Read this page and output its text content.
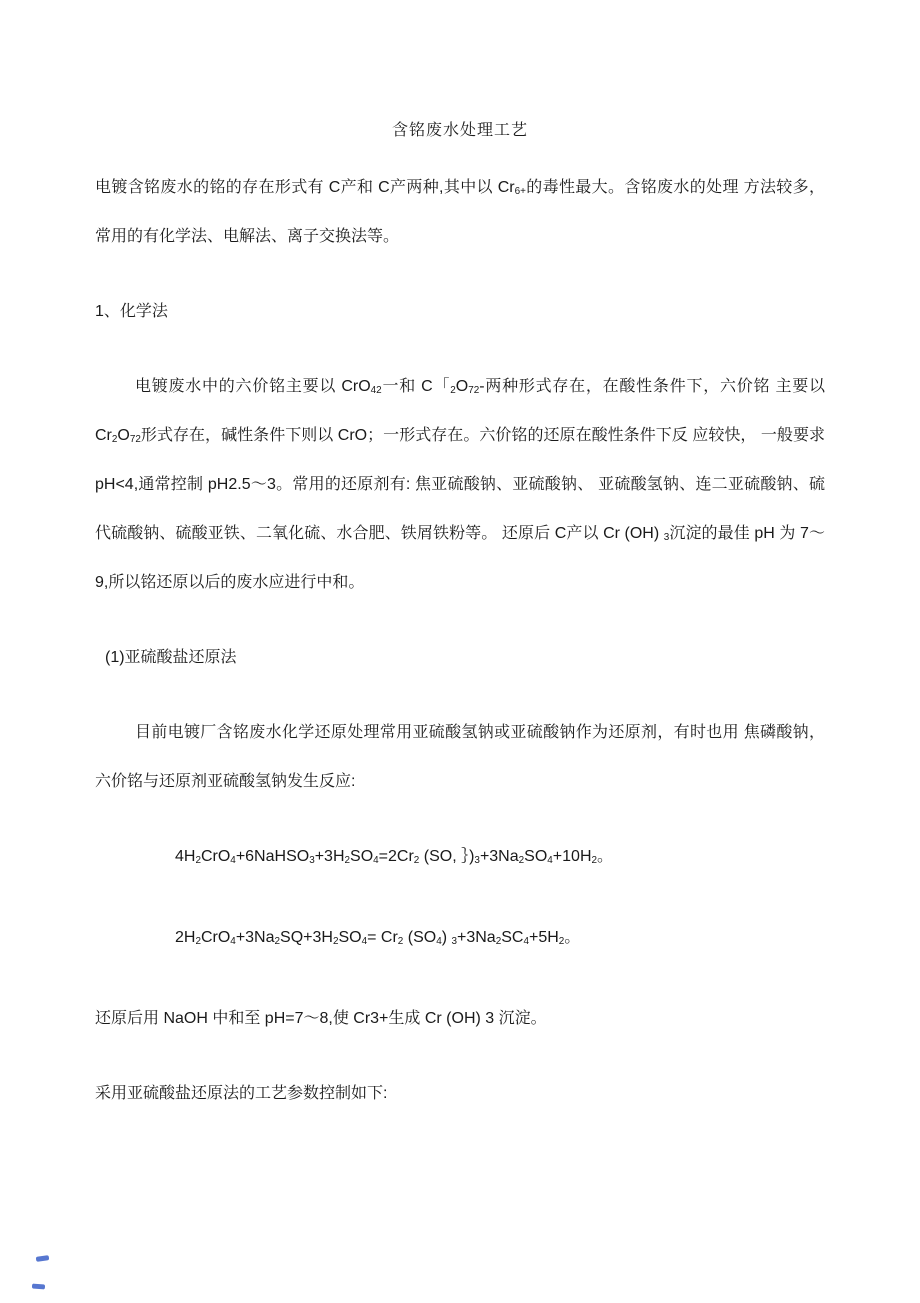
含铭废水处理工艺

电镀含铭废水的铭的存在形式有 C产和 C产两种,其中以 $Cr_{6+}$的毒性最大。含铭废水的处理 方法较多， 常用的有化学法、电解法、离子交换法等。

1、化学法

电镀废水中的六价铭主要以 CrO$_{42}$一和 C「$_2O_{72}-$两种形式存在，在酸性条件下，六价铭 主要以 $Cr_2O_{72}$形式存在，碱性条件下则以 CrO；一形式存在。六价铭的还原在酸性条件下反 应较快， 一般要求 pH<4,通常控制 pH2.5～3。常用的还原剂有: 焦亚硫酸钠、亚硫酸钠、 亚硫酸氢钠、连二亚硫酸钠、硫代硫酸钠、硫酸亚铁、二氧化硫、水合肥、铁屑铁粉等。 还原后 C产以 Cr (OH) $_3$沉淀的最佳 pH 为 7～9,所以铭还原以后的废水应进行中和。

(1)亚硫酸盐还原法

目前电镀厂含铭废水化学还原处理常用亚硫酸氢钠或亚硫酸钠作为还原剂，有时也用 焦磷酸钠，六价铭与还原剂亚硫酸氢钠发生反应:

$4H_2CrO_4+6NaHSO_3+3H_2SO_4=2Cr_2$ (SO, $\})_3+3Na_2SO_4+10H_2$。

$2H_2CrO_4+3Na_2SQ+3H_2SO_4= Cr_2$ $(SO_4)$ $_3+3Na_2SC_4+5H_2$。

还原后用 NaOH 中和至 pH=7～8,使 Cr3+生成 Cr (OH) 3 沉淀。

采用亚硫酸盐还原法的工艺参数控制如下:
